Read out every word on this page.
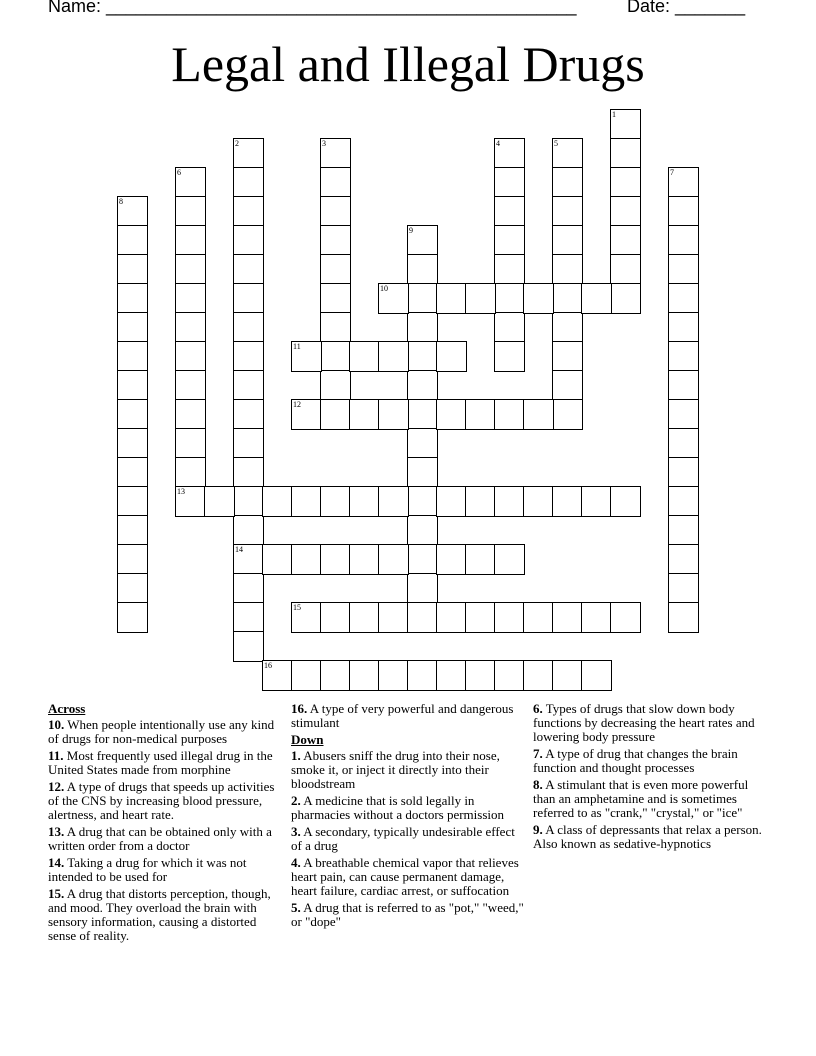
Name: _______________________________________________	Date: _______
Legal and Illegal Drugs
1
2
14
3	4	5
6	7
8
9
10
11
12
13
15
16
Across
10. When people intentionally use any kind of drugs for non-medical purposes
11. Most frequently used illegal drug in the United States made from morphine
12. A type of drugs that speeds up activities of the CNS by increasing blood pressure, alertness, and heart rate.
13. A drug that can be obtained only with a written order from a doctor
14. Taking a drug for which it was not intended to be used for
15. A drug that distorts perception, though, and mood. They overload the brain with sensory information, causing a distorted sense of reality.
16. A type of very powerful and dangerous stimulant
Down
1. Abusers sniff the drug into their nose, smoke it, or inject it directly into their bloodstream
2. A medicine that is sold legally in pharmacies without a doctors permission
3. A secondary, typically undesirable effect of a drug
4. A breathable chemical vapor that relieves heart pain, can cause permanent damage, heart failure, cardiac arrest, or suffocation
5. A drug that is referred to as "pot," "weed," or "dope"
6. Types of drugs that slow down body functions by decreasing the heart rates and lowering body pressure
7. A type of drug that changes the brain function and thought processes
8. A stimulant that is even more powerful than an amphetamine and is sometimes referred to as "crank," "crystal," or "ice"
9. A class of depressants that relax a person. Also known as sedative-hypnotics
